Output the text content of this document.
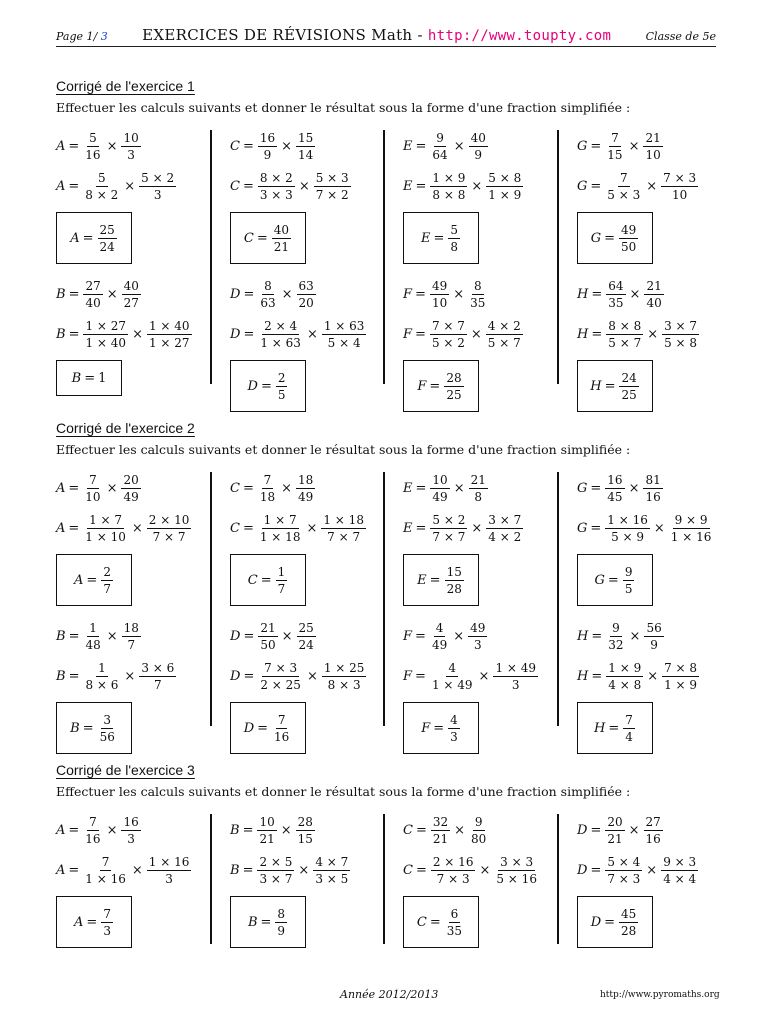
Page 1/ 3 EXERCICES DE RÉVISIONS Math - http://www.toupty.com	Classe de 5e
Corrigé de l'exercice 1
Effectuer les calculs suivants et donner le résultat sous la forme d'une fraction simplifiée :
$A = \frac{5}{16} \times \frac{10}{3}$
$A = \frac{5}{8 \times 2} \times \frac{5 \times 2}{3}$
$A = \frac{25}{24}$
$B = \frac{27}{40} \times \frac{40}{27}$
$B = \frac{1 \times 27}{1 \times 40} \times \frac{1 \times 40}{1 \times 27}$
B = 1
$C = \frac{16}{9} \times \frac{15}{14}$
$C = \frac{8 \times 2}{3 \times 3} \times \frac{5 \times 3}{7 \times 2}$
$C = \frac{40}{21}$
$D = \frac{8}{63} \times \frac{63}{20}$
$D = \frac{2 \times 4}{1 \times 63} \times \frac{1 \times 63}{5 \times 4}$
$D = \frac{2}{5}$
$E = \frac{9}{64} \times \frac{40}{9}$
$E = \frac{1 \times 9}{8 \times 8} \times \frac{5 \times 8}{1 \times 9}$
$E = \frac{5}{8}$
$F = \frac{49}{10} \times \frac{8}{35}$
$F = \frac{7 \times 7}{5 \times 2} \times \frac{4 \times 2}{5 \times 7}$
$F = \frac{28}{25}$
$G = \frac{7}{15} \times \frac{21}{10}$
$G = \frac{7}{5 \times 3} \times \frac{7 \times 3}{10}$
$G = \frac{49}{50}$
$H = \frac{64}{35} \times \frac{21}{40}$
$H = \frac{8 \times 8}{5 \times 7} \times \frac{3 \times 7}{5 \times 8}$
$H = \frac{24}{25}$
Corrigé de l'exercice 2
Effectuer les calculs suivants et donner le résultat sous la forme d'une fraction simplifiée :
$A = \frac{7}{10} \times \frac{20}{49}$
$A = \frac{1 \times 7}{1 \times 10} \times \frac{2 \times 10}{7 \times 7}$
$A = \frac{2}{7}$
$B = \frac{1}{48} \times \frac{18}{7}$
$B = \frac{1}{8 \times 6} \times \frac{3 \times 6}{7}$
$B = \frac{3}{56}$
$C = \frac{7}{18} \times \frac{18}{49}$
$C = \frac{1 \times 7}{1 \times 18} \times \frac{1 \times 18}{7 \times 7}$
$C = \frac{1}{7}$
$D = \frac{21}{50} \times \frac{25}{24}$
$D = \frac{7 \times 3}{2 \times 25} \times \frac{1 \times 25}{8 \times 3}$
$D = \frac{7}{16}$
$E = \frac{10}{49} \times \frac{21}{8}$
$E = \frac{5 \times 2}{7 \times 7} \times \frac{3 \times 7}{4 \times 2}$
$E = \frac{15}{28}$
$F = \frac{4}{49} \times \frac{49}{3}$
$F = \frac{4}{1 \times 49} \times \frac{1 \times 49}{3}$
$F = \frac{4}{3}$
$G = \frac{16}{45} \times \frac{81}{16}$
$G = \frac{1 \times 16}{5 \times 9} \times \frac{9 \times 9}{1 \times 16}$
$G = \frac{9}{5}$
$H = \frac{9}{32} \times \frac{56}{9}$
$H = \frac{1 \times 9}{4 \times 8} \times \frac{7 \times 8}{1 \times 9}$
$H = \frac{7}{4}$
Corrigé de l'exercice 3
Effectuer les calculs suivants et donner le résultat sous la forme d'une fraction simplifiée :
$A = \frac{7}{16} \times \frac{16}{3}$
$A = \frac{7}{1 \times 16} \times \frac{1 \times 16}{3}$
$A = \frac{7}{3}$
$B = \frac{10}{21} \times \frac{28}{15}$
$B = \frac{2 \times 5}{3 \times 7} \times \frac{4 \times 7}{3 \times 5}$
$B = \frac{8}{9}$
$C = \frac{32}{21} \times \frac{9}{80}$
$C = \frac{2 \times 16}{7 \times 3} \times \frac{3 \times 3}{5 \times 16}$
$C = \frac{6}{35}$
$D = \frac{20}{21} \times \frac{27}{16}$
$D = \frac{5 \times 4}{7 \times 3} \times \frac{9 \times 3}{4 \times 4}$
$D = \frac{45}{28}$
Année 2012/2013	http://www.pyromaths.org
